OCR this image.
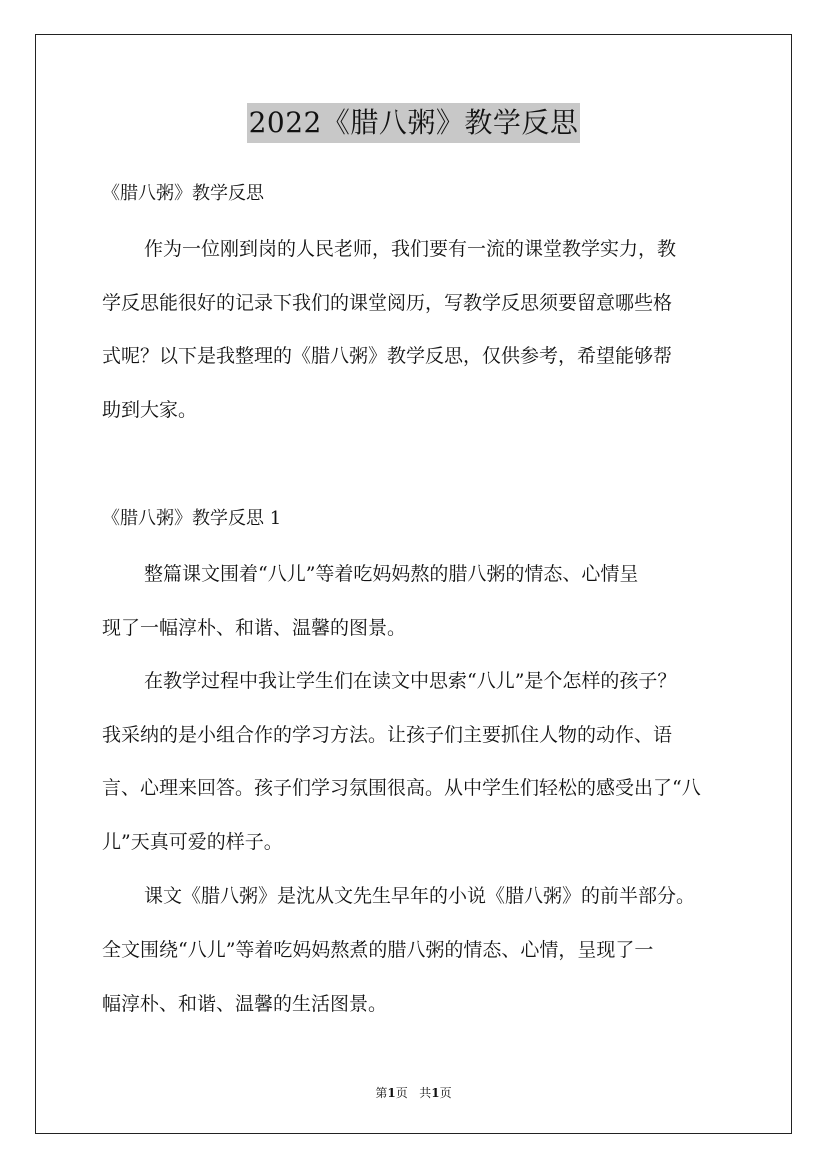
2022《腊八粥》教学反思
《腊八粥》教学反思
作为一位刚到岗的人民老师，我们要有一流的课堂教学实力，教
学反思能很好的记录下我们的课堂阅历，写教学反思须要留意哪些格
式呢？以下是我整理的《腊八粥》教学反思，仅供参考，希望能够帮
助到大家。
《腊八粥》教学反思 1
整篇课文围着“八儿”等着吃妈妈熬的腊八粥的情态、心情呈
现了一幅淳朴、和谐、温馨的图景。
在教学过程中我让学生们在读文中思索“八儿”是个怎样的孩子？
我采纳的是小组合作的学习方法。让孩子们主要抓住人物的动作、语
言、心理来回答。孩子们学习氛围很高。从中学生们轻松的感受出了“八
儿”天真可爱的样子。
课文《腊八粥》是沈从文先生早年的小说《腊八粥》的前半部分。
全文围绕“八儿”等着吃妈妈熬煮的腊八粥的情态、心情，呈现了一
幅淳朴、和谐、温馨的生活图景。
第1页 共1页
